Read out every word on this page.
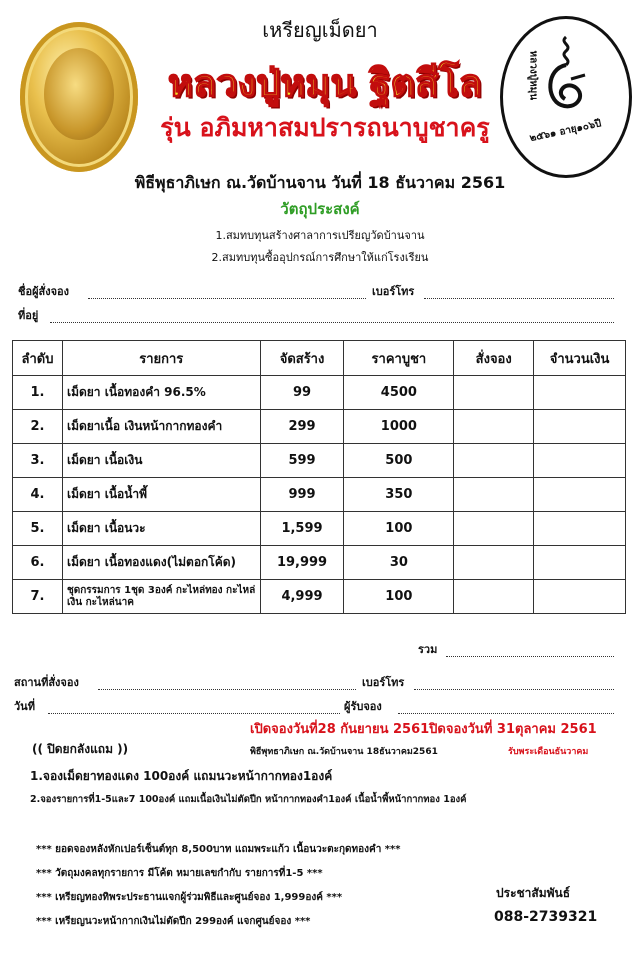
เหรียญเม็ดยา
หลวงปู่หมุน ฐิตสีโล
รุ่น อภิมหาสมปรารถนาบูชาครู
หลวงปู่หมุน
๒๕๖๑ อายุ๑๐๖ปี
พิธีพุธาภิเษก ณ.วัดบ้านจาน วันที่ 18 ธันวาคม 2561
วัตถุประสงค์
1.สมทบทุนสร้างศาลาการเปรียญวัดบ้านจาน
2.สมทบทุนซื้ออุปกรณ์การศึกษาให้แก่โรงเรียน
ชื่อผู้สั่งจอง	เบอร์โทร
ที่อยู่
ลำดับ	รายการ	จัดสร้าง	ราคาบูชา	สั่งจอง	จำนวนเงิน
1.	เม็ดยา เนื้อทองคำ 96.5%	99	4500		
2.	เม็ดยาเนื้อ เงินหน้ากากทองคำ	299	1000		
3.	เม็ดยา เนื้อเงิน	599	500		
4.	เม็ดยา เนื้อน้ำพี้	999	350		
5.	เม็ดยา เนื้อนวะ	1,599	100		
6.	เม็ดยา เนื้อทองแดง(ไม่ตอกโค้ด)	19,999	30		
7.	ชุดกรรมการ 1ชุด 3องค์ กะไหล่ทอง กะไหล่เงิน กะไหล่นาค	4,999	100		
รวม
สถานที่สั่งจอง	เบอร์โทร
วันที่	ผู้รับจอง
เปิดจองวันที่28 กันยายน 2561ปิดจองวันที่ 31ตุลาคม 2561
(( ปิดยกลังแถม ))	พิธีพุทธาภิเษก ณ.วัดบ้านจาน 18ธันวาคม2561	รับพระเดือนธันวาคม
1.จองเม็ดยาทองแดง 100องค์ แถมนวะหน้ากากทอง1องค์
2.จองรายการที่1-5และ7 100องค์ แถมเนื้อเงินไม่ตัดปีก หน้ากากทองคำ1องค์ เนื้อน้ำพี้หน้ากากทอง 1องค์
*** ยอดจองหลังหักเปอร์เซ็นต์ทุก 8,500บาท แถมพระแก้ว เนื้อนวะตะกุดทองคำ ***
*** วัตถุมงคลทุกรายการ มีโค้ต หมายเลขกำกับ รายการที่1-5 ***
*** เหรียญทองทิพระประธานแจกผู้ร่วมพิธีและศูนย์จอง 1,999องค์ ***
*** เหรียญนวะหน้ากากเงินไม่ตัดปีก 299องค์ แจกศูนย์จอง ***
ประชาสัมพันธ์
088-2739321
